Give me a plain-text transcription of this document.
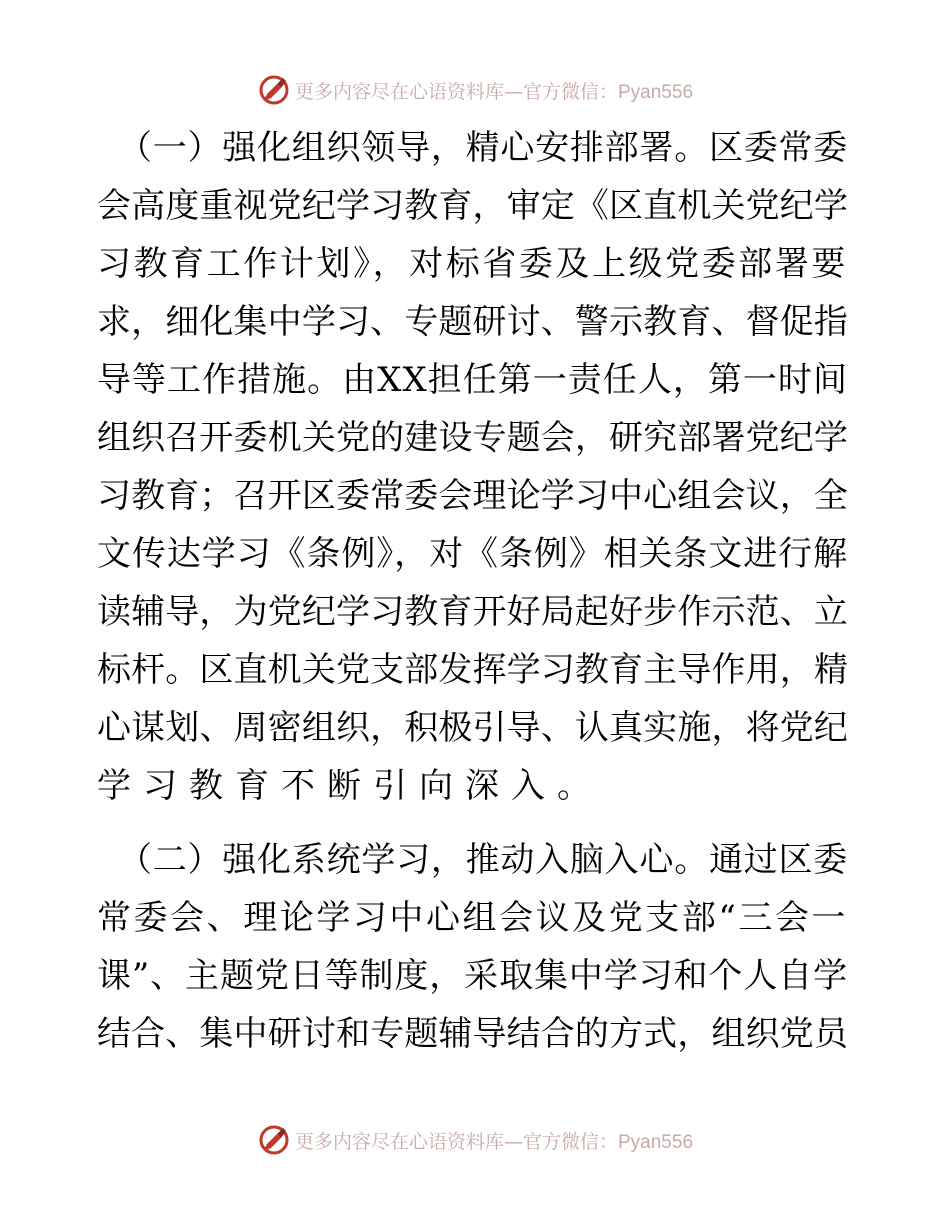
更多内容尽在心语资料库—官方微信：Pyan556
（一）强化组织领导，精心安排部署。区委常委
会高度重视党纪学习教育，审定《区直机关党纪学
习教育工作计划》，对标省委及上级党委部署要
求，细化集中学习、专题研讨、警示教育、督促指
导等工作措施。由XX担任第一责任人，第一时间
组织召开委机关党的建设专题会，研究部署党纪学
习教育；召开区委常委会理论学习中心组会议，全
文传达学习《条例》，对《条例》相关条文进行解
读辅导，为党纪学习教育开好局起好步作示范、立
标杆。区直机关党支部发挥学习教育主导作用，精
心谋划、周密组织，积极引导、认真实施，将党纪
学习教育不断引向深入。
（二）强化系统学习，推动入脑入心。通过区委
常委会、理论学习中心组会议及党支部“三会一
课”、主题党日等制度，采取集中学习和个人自学
结合、集中研讨和专题辅导结合的方式，组织党员
更多内容尽在心语资料库—官方微信：Pyan556
